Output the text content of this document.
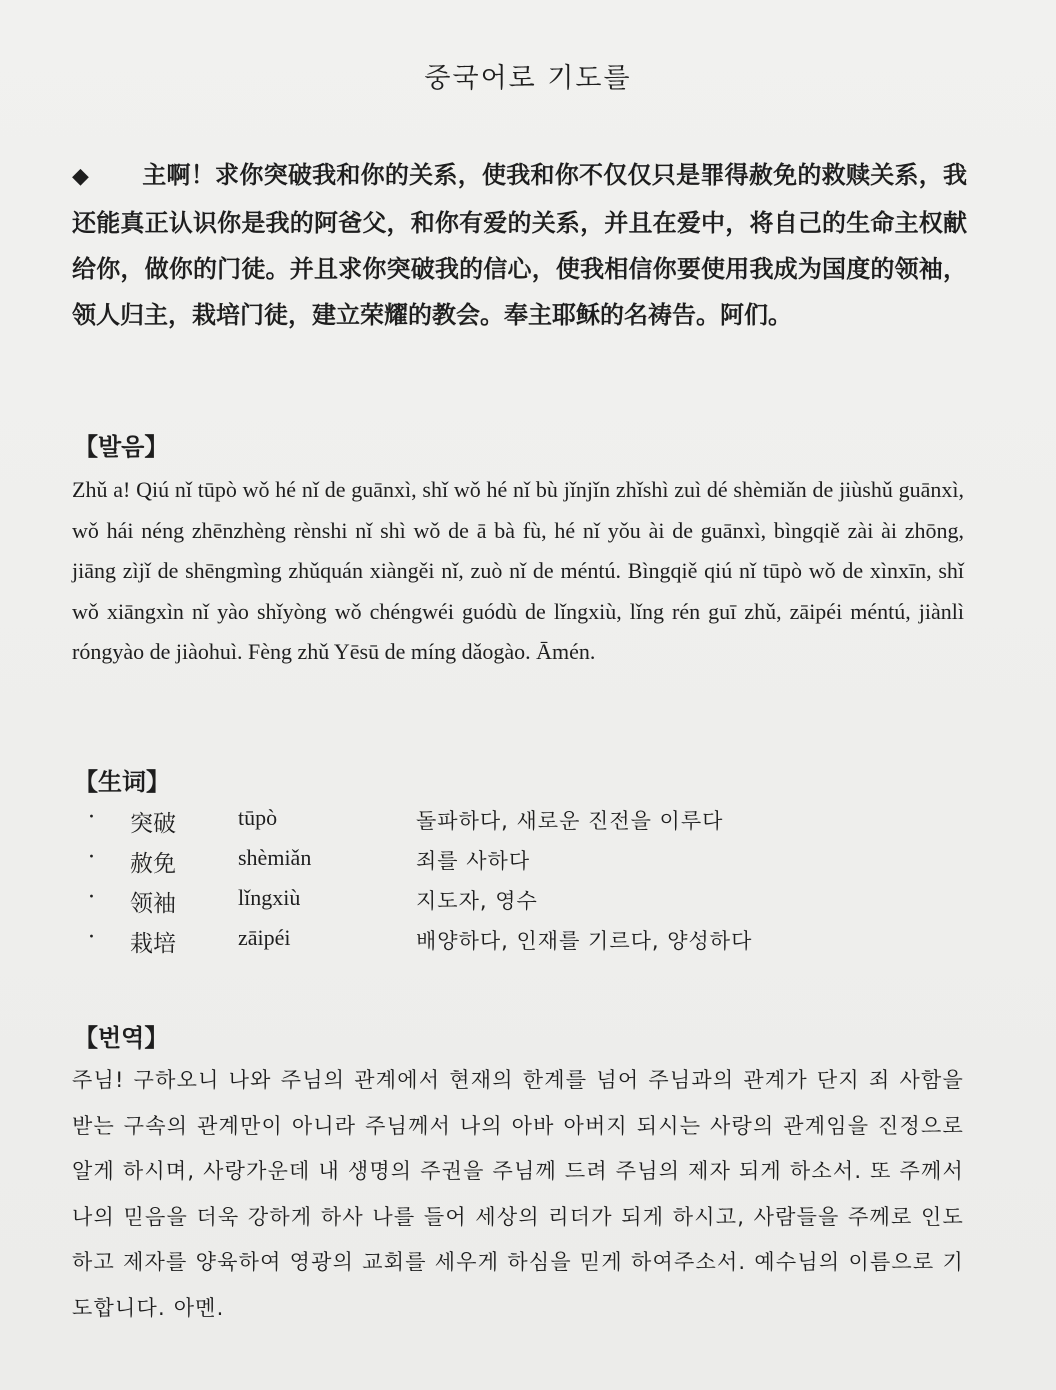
중국어로 기도를
◆ 主啊！求你突破我和你的关系，使我和你不仅仅只是罪得赦免的救赎关系，我还能真正认识你是我的阿爸父，和你有爱的关系，并且在爱中，将自己的生命主权献给你，做你的门徒。并且求你突破我的信心，使我相信你要使用我成为国度的领袖，领人归主，栽培门徒，建立荣耀的教会。奉主耶稣的名祷告。阿们。
【발음】
Zhǔ a! Qiú nǐ tūpò wǒ hé nǐ de guānxì, shǐ wǒ hé nǐ bù jǐnjǐn zhǐshì zuì dé shèmiǎn de jiùshǔ guānxì, wǒ hái néng zhēnzhèng rènshi nǐ shì wǒ de ā bà fù, hé nǐ yǒu ài de guānxì, bìngqiě zài ài zhōng, jiāng zìjǐ de shēngmìng zhǔquán xiàngěi nǐ, zuò nǐ de méntú. Bìngqiě qiú nǐ tūpò wǒ de xìnxīn, shǐ wǒ xiāngxìn nǐ yào shǐyòng wǒ chéngwéi guódù de lǐngxiù, lǐng rén guī zhǔ, zāipéi méntú, jiànlì róngyào de jiàohuì. Fèng zhǔ Yēsū de míng dǎogào. Āmén.
【生词】
· 突破	tūpò	돌파하다, 새로운 진전을 이루다
· 赦免	shèmiǎn	죄를 사하다
· 领袖	lǐngxiù	지도자, 영수
· 栽培	zāipéi	배양하다, 인재를 기르다, 양성하다
【번역】
주님! 구하오니 나와 주님의 관계에서 현재의 한계를 넘어 주님과의 관계가 단지 죄 사함을 받는 구속의 관계만이 아니라 주님께서 나의 아바 아버지 되시는 사랑의 관계임을 진정으로 알게 하시며, 사랑가운데 내 생명의 주권을 주님께 드려 주님의 제자 되게 하소서. 또 주께서 나의 믿음을 더욱 강하게 하사 나를 들어 세상의 리더가 되게 하시고, 사람들을 주께로 인도하고 제자를 양육하여 영광의 교회를 세우게 하심을 믿게 하여주소서. 예수님의 이름으로 기도합니다. 아멘.
